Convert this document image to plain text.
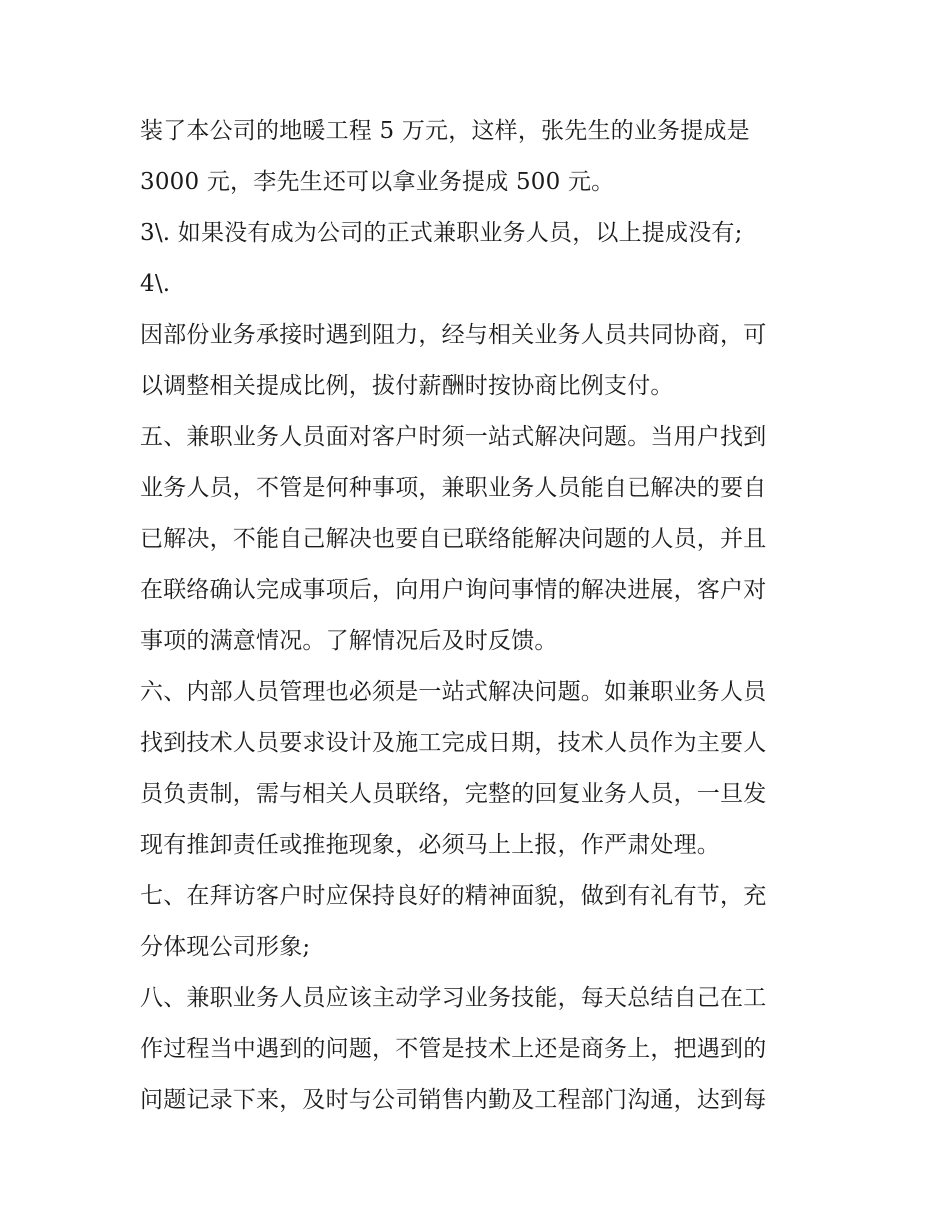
装了本公司的地暖工程 5 万元，这样，张先生的业务提成是
3000 元，李先生还可以拿业务提成 500 元。
3\. 如果没有成为公司的正式兼职业务人员，以上提成没有;
4\.
因部份业务承接时遇到阻力，经与相关业务人员共同协商，可
以调整相关提成比例，拔付薪酬时按协商比例支付。
五、兼职业务人员面对客户时须一站式解决问题。当用户找到
业务人员，不管是何种事项，兼职业务人员能自已解决的要自
已解决，不能自己解决也要自已联络能解决问题的人员，并且
在联络确认完成事项后，向用户询问事情的解决进展，客户对
事项的满意情况。了解情况后及时反馈。
六、内部人员管理也必须是一站式解决问题。如兼职业务人员
找到技术人员要求设计及施工完成日期，技术人员作为主要人
员负责制，需与相关人员联络，完整的回复业务人员，一旦发
现有推卸责任或推拖现象，必须马上上报，作严肃处理。
七、在拜访客户时应保持良好的精神面貌，做到有礼有节，充
分体现公司形象;
八、兼职业务人员应该主动学习业务技能，每天总结自己在工
作过程当中遇到的问题，不管是技术上还是商务上，把遇到的
问题记录下来，及时与公司销售内勤及工程部门沟通，达到每
